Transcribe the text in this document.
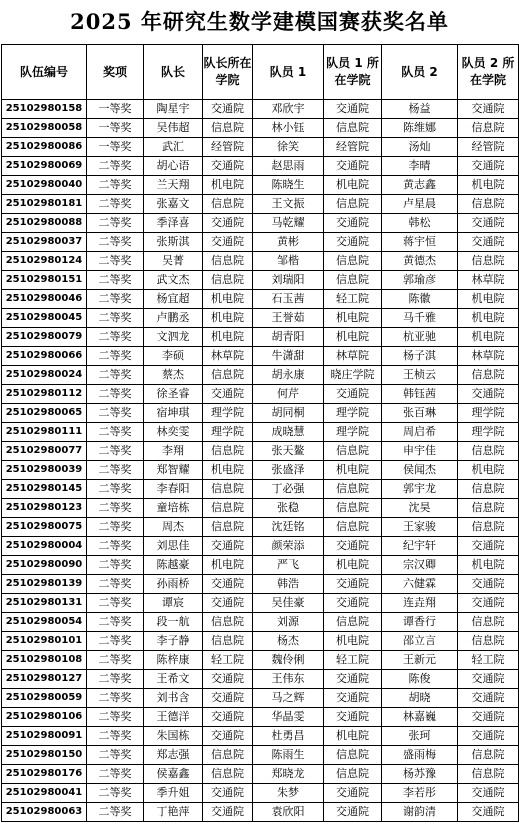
2025 年研究生数学建模国赛获奖名单
队伍编号	奖项	队长	队长所在学院	队员 1	队员 1 所在学院	队员 2	队员 2 所在学院
25102980158	一等奖	陶星宇	交通院	邓欣宇	交通院	杨益	交通院
25102980058	一等奖	吴伟超	信息院	林小钰	信息院	陈维娜	信息院
25102980086	一等奖	武汇	经管院	徐笑	经管院	汤灿	经管院
25102980069	二等奖	胡心语	交通院	赵思雨	交通院	李晴	交通院
25102980040	二等奖	兰天翔	机电院	陈晓生	机电院	黄志鑫	机电院
25102980181	二等奖	张嘉文	信息院	王文振	信息院	卢星晨	信息院
25102980088	二等奖	季泽喜	交通院	马乾耀	交通院	韩松	交通院
25102980037	二等奖	张斯淇	交通院	黄彬	交通院	蒋宇恒	交通院
25102980124	二等奖	吴菁	信息院	邹楷	信息院	黄德杰	信息院
25102980151	二等奖	武文杰	信息院	刘瑞阳	信息院	郭瑜彦	林草院
25102980046	二等奖	杨宜超	机电院	石玉茜	轻工院	陈徽	机电院
25102980045	二等奖	卢鹏丞	机电院	王誉茹	机电院	马千雅	机电院
25102980079	二等奖	文泗龙	机电院	胡青阳	机电院	杭亚驰	机电院
25102980066	二等奖	李硕	林草院	牛潇甜	林草院	杨子淇	林草院
25102980024	二等奖	蔡杰	信息院	胡永康	晓庄学院	王桢云	信息院
25102980112	二等奖	徐圣睿	交通院	何芹	交通院	韩钰茜	交通院
25102980065	二等奖	宿坤琪	理学院	胡同桐	理学院	张百琳	理学院
25102980111	二等奖	林奕雯	理学院	成晓慧	理学院	周启希	理学院
25102980077	二等奖	李翔	信息院	张天鳌	信息院	申宇佳	信息院
25102980039	二等奖	郑智耀	机电院	张盛泽	机电院	侯闻杰	机电院
25102980145	二等奖	李春阳	信息院	丁必强	信息院	郭宇龙	信息院
25102980123	二等奖	童培栋	信息院	张稳	信息院	沈昊	信息院
25102980075	二等奖	周杰	信息院	沈廷铭	信息院	王家骏	信息院
25102980004	二等奖	刘思佳	交通院	颜荣添	交通院	纪宇轩	交通院
25102980090	二等奖	陈越豪	机电院	严飞	机电院	宗汉卿	机电院
25102980139	二等奖	孙雨桥	交通院	韩浩	交通院	六健霖	交通院
25102980131	二等奖	谭宸	交通院	吴佳豪	交通院	连垚翔	交通院
25102980054	二等奖	段一航	信息院	刘源	信息院	谭香行	信息院
25102980101	二等奖	李子静	信息院	杨杰	机电院	邵立言	信息院
25102980108	二等奖	陈梓康	轻工院	魏伶俐	轻工院	王新元	轻工院
25102980127	二等奖	王希文	交通院	王伟东	交通院	陈俊	交通院
25102980059	二等奖	刘书含	交通院	马之辉	交通院	胡晓	交通院
25102980106	二等奖	王德洋	交通院	华晶雯	交通院	林嘉巍	交通院
25102980091	二等奖	朱国栋	交通院	杜勇昌	机电院	张珂	交通院
25102980150	二等奖	郑志强	信息院	陈雨生	信息院	盛雨梅	信息院
25102980176	二等奖	侯嘉鑫	信息院	郑晓龙	信息院	杨苏豫	信息院
25102980041	二等奖	季升姐	交通院	朱梦	交通院	李若彤	交通院
25102980063	二等奖	丁艳萍	交通院	袁欣阳	交通院	谢韵清	交通院
